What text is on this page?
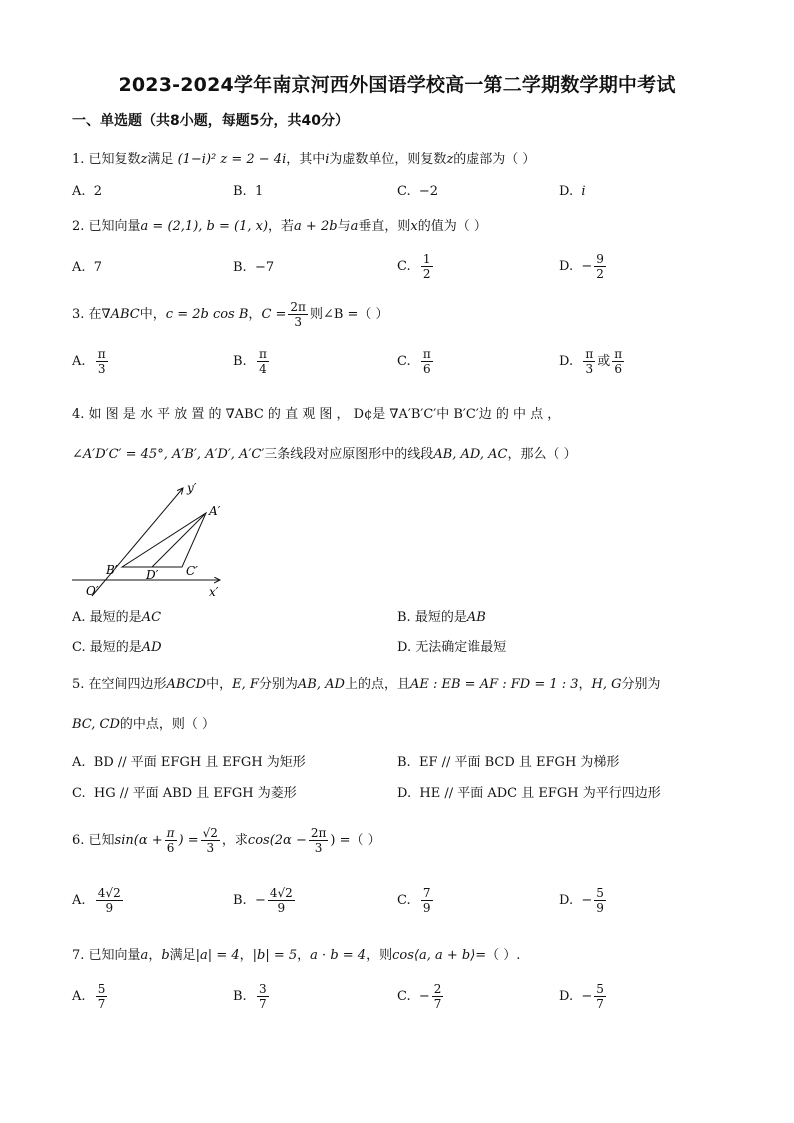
2023-2024学年南京河西外国语学校高一第二学期数学期中考试
一、单选题（共8小题，每题5分，共40分）
1. 已知复数z满足 (1−i)² z = 2 − 4i，其中i为虚数单位，则复数z的虚部为（ ）
A. 2	B. 1	C. −2	D. i
2. 已知向量a = (2,1), b = (1, x)，若a + 2b与a垂直，则x的值为（ ）
A. 7	B. −7	C. $\frac{1}{2}$	D. − $\frac{9}{2}$
3. 在∇ABC中，c = 2b cos B，$C = \frac{2\pi}{3}$ 则∠B =（ ）
A. $\frac{\pi}{3}$	B. $\frac{\pi}{4}$	C. $\frac{\pi}{6}$	D. $\frac{\pi}{3}$ 或 $\frac{\pi}{6}$
4. 如 图 是 水 平 放 置 的 ∇ABC 的 直 观 图 ， D¢是 ∇A′B′C′中 B′C′边 的 中 点 ，
∠A′D′C′ = 45°, A′B′, A′D′, A′C′三条线段对应原图形中的线段AB, AD, AC，那么（ ）
y′
x′
O′
A′
B′	C′
D′
A. 最短的是AC	B. 最短的是AB
C. 最短的是AD	D. 无法确定谁最短
5. 在空间四边形ABCD中，E, F分别为AB, AD上的点，且AE : EB = AF : FD = 1 : 3，H, G分别为
BC, CD的中点，则（ ）
A. BD // 平面 EFGH 且 EFGH 为矩形	B. EF // 平面 BCD 且 EFGH 为梯形
C. HG // 平面 ABD 且 EFGH 为菱形	D. HE // 平面 ADC 且 EFGH 为平行四边形
6. 已知$\sin(\alpha + \frac{\pi}{6}$ ) = $\frac{√2}{3}$ ，求$\cos(2\alpha - \frac{2\pi}{3}$ ) =（ ）
A. $\frac{4√2}{9}$	B. − $\frac{4√2}{9}$	C. $\frac{7}{9}$	D. − $\frac{5}{9}$
7. 已知向量a，b满足|a| = 4，|b| = 5，a · b = 4，则cos⟨a, a + b⟩=（ ）.
A. $\frac{5}{7}$	B. $\frac{3}{7}$	C. − $\frac{2}{7}$	D. − $\frac{5}{7}$
